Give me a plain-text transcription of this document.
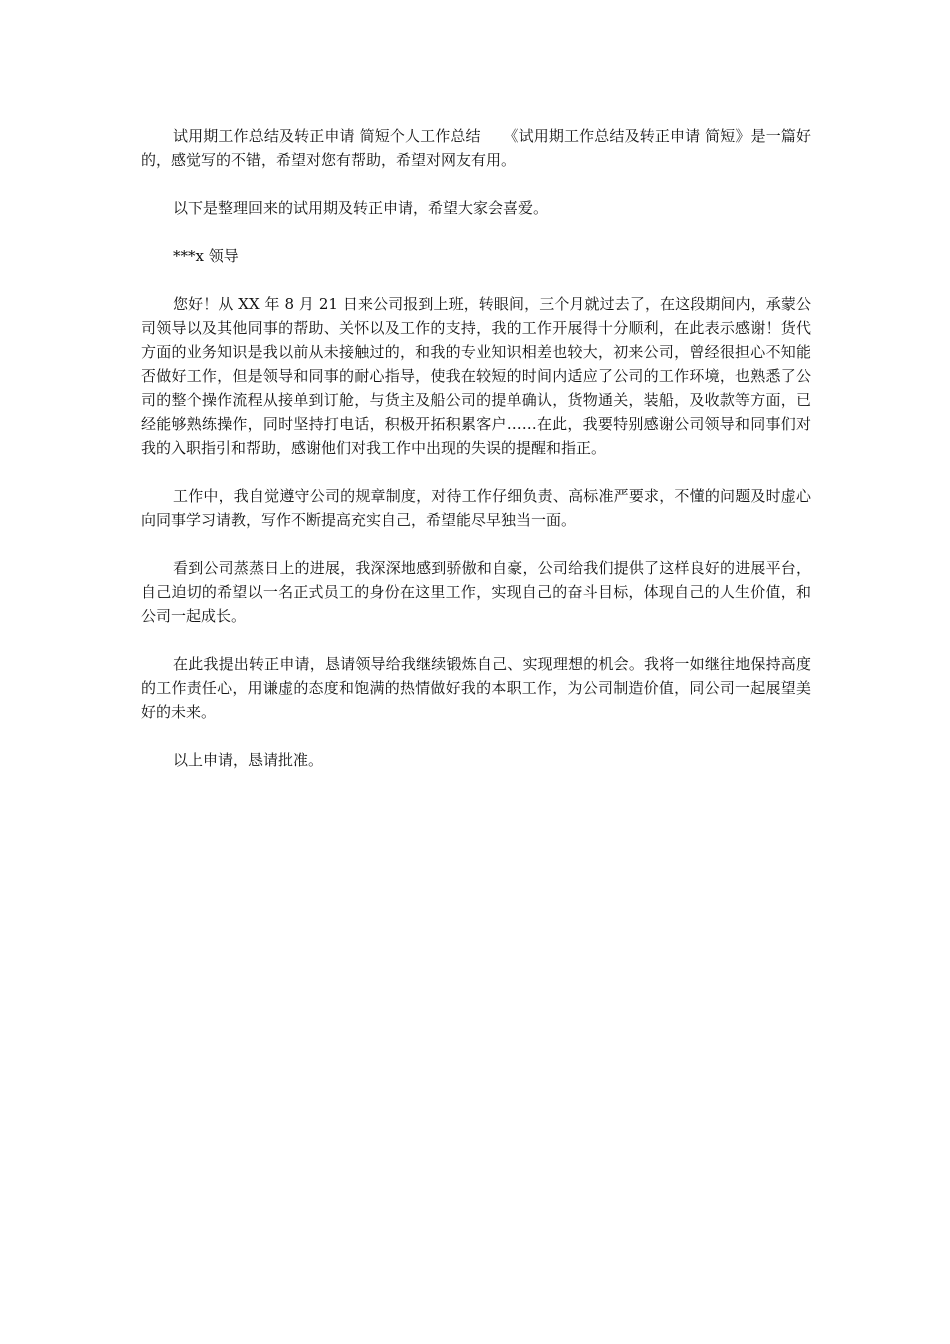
试用期工作总结及转正申请 简短个人工作总结　　《试用期工作总结及转正申请 简短》是一篇好的，感觉写的不错，希望对您有帮助，希望对网友有用。

以下是整理回来的试用期及转正申请，希望大家会喜爱。

***x 领导

您好！从 XX 年 8 月 21 日来公司报到上班，转眼间，三个月就过去了，在这段期间内，承蒙公司领导以及其他同事的帮助、关怀以及工作的支持，我的工作开展得十分顺利，在此表示感谢！货代方面的业务知识是我以前从未接触过的，和我的专业知识相差也较大，初来公司，曾经很担心不知能否做好工作，但是领导和同事的耐心指导，使我在较短的时间内适应了公司的工作环境，也熟悉了公司的整个操作流程从接单到订舱，与货主及船公司的提单确认，货物通关，装船，及收款等方面，已经能够熟练操作，同时坚持打电话，积极开拓积累客户……在此，我要特别感谢公司领导和同事们对我的入职指引和帮助，感谢他们对我工作中出现的失误的提醒和指正。

工作中，我自觉遵守公司的规章制度，对待工作仔细负责、高标准严要求，不懂的问题及时虚心向同事学习请教，写作不断提高充实自己，希望能尽早独当一面。

看到公司蒸蒸日上的进展，我深深地感到骄傲和自豪，公司给我们提供了这样良好的进展平台，自己迫切的希望以一名正式员工的身份在这里工作，实现自己的奋斗目标，体现自己的人生价值，和公司一起成长。

在此我提出转正申请，恳请领导给我继续锻炼自己、实现理想的机会。我将一如继往地保持高度的工作责任心，用谦虚的态度和饱满的热情做好我的本职工作，为公司制造价值，同公司一起展望美好的未来。

以上申请，恳请批准。
